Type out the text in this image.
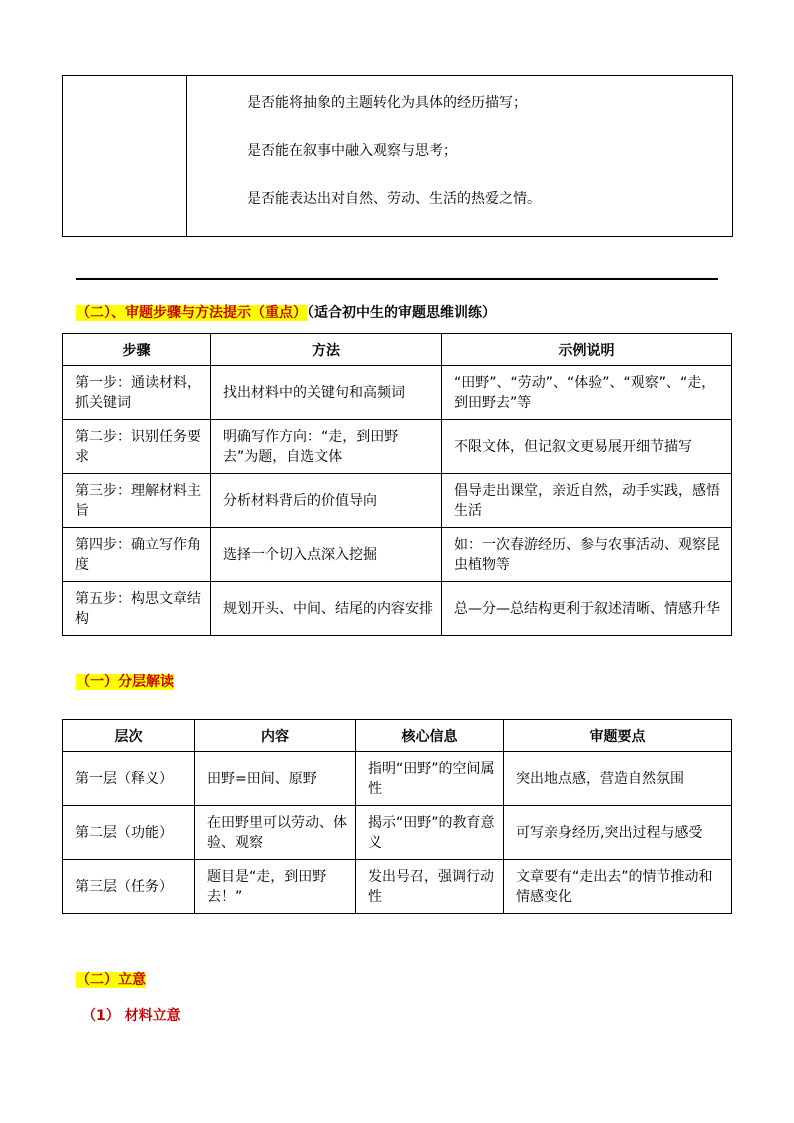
是否能将抽象的主题转化为具体的经历描写；
是否能在叙事中融入观察与思考；
是否能表达出对自然、劳动、生活的热爱之情。
（二）、审题步骤与方法提示（重点）（适合初中生的审题思维训练）
步骤	方法	示例说明
第一步：通读材料，抓关键词	找出材料中的关键句和高频词	“田野”、“劳动”、“体验”、“观察”、“走，到田野去”等
第二步：识别任务要求	明确写作方向：“走，到田野去”为题，自选文体	不限文体，但记叙文更易展开细节描写
第三步：理解材料主旨	分析材料背后的价值导向	倡导走出课堂，亲近自然，动手实践，感悟生活
第四步：确立写作角度	选择一个切入点深入挖掘	如：一次春游经历、参与农事活动、观察昆虫植物等
第五步：构思文章结构	规划开头、中间、结尾的内容安排	总—分—总结构更利于叙述清晰、情感升华
（一）分层解读
层次	内容	核心信息	审题要点
第一层（释义）	田野=田间、原野	指明“田野”的空间属性	突出地点感，营造自然氛围
第二层（功能）	在田野里可以劳动、体验、观察	揭示“田野”的教育意义	可写亲身经历,突出过程与感受
第三层（任务）	题目是“走，到田野去！”	发出号召，强调行动性	文章要有“走出去”的情节推动和情感变化
（二）立意
（1） 材料立意
